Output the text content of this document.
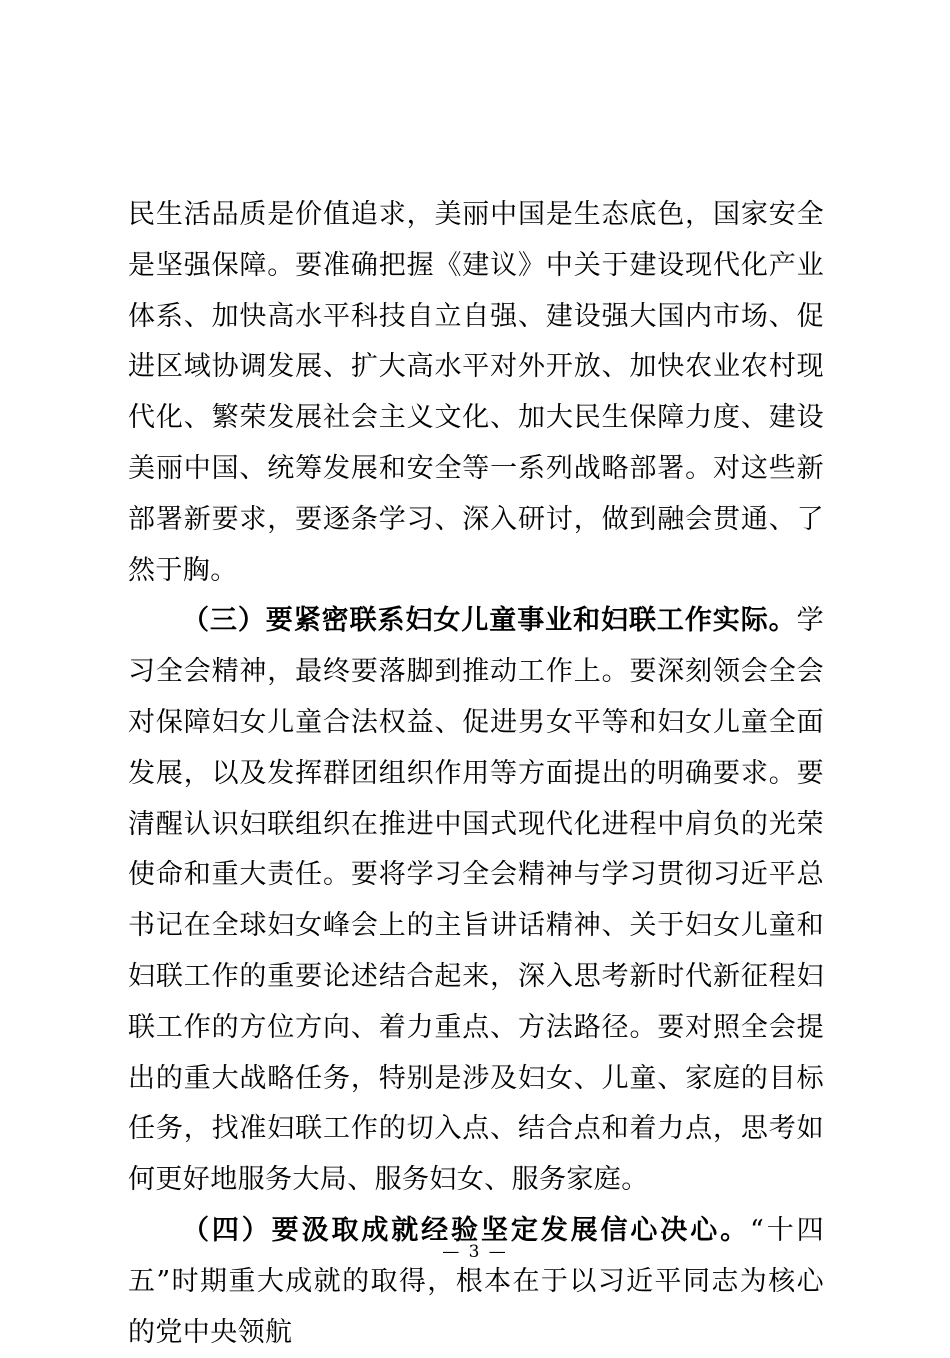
民生活品质是价值追求，美丽中国是生态底色，国家安全是坚强保障。要准确把握《建议》中关于建设现代化产业体系、加快高水平科技自立自强、建设强大国内市场、促进区域协调发展、扩大高水平对外开放、加快农业农村现代化、繁荣发展社会主义文化、加大民生保障力度、建设美丽中国、统筹发展和安全等一系列战略部署。对这些新部署新要求，要逐条学习、深入研讨，做到融会贯通、了然于胸。

（三）要紧密联系妇女儿童事业和妇联工作实际。学习全会精神，最终要落脚到推动工作上。要深刻领会全会对保障妇女儿童合法权益、促进男女平等和妇女儿童全面发展，以及发挥群团组织作用等方面提出的明确要求。要清醒认识妇联组织在推进中国式现代化进程中肩负的光荣使命和重大责任。要将学习全会精神与学习贯彻习近平总书记在全球妇女峰会上的主旨讲话精神、关于妇女儿童和妇联工作的重要论述结合起来，深入思考新时代新征程妇联工作的方位方向、着力重点、方法路径。要对照全会提出的重大战略任务，特别是涉及妇女、儿童、家庭的目标任务，找准妇联工作的切入点、结合点和着力点，思考如何更好地服务大局、服务妇女、服务家庭。

（四）要汲取成就经验坚定发展信心决心。“十四五”时期重大成就的取得，根本在于以习近平同志为核心的党中央领航

— 3 —
